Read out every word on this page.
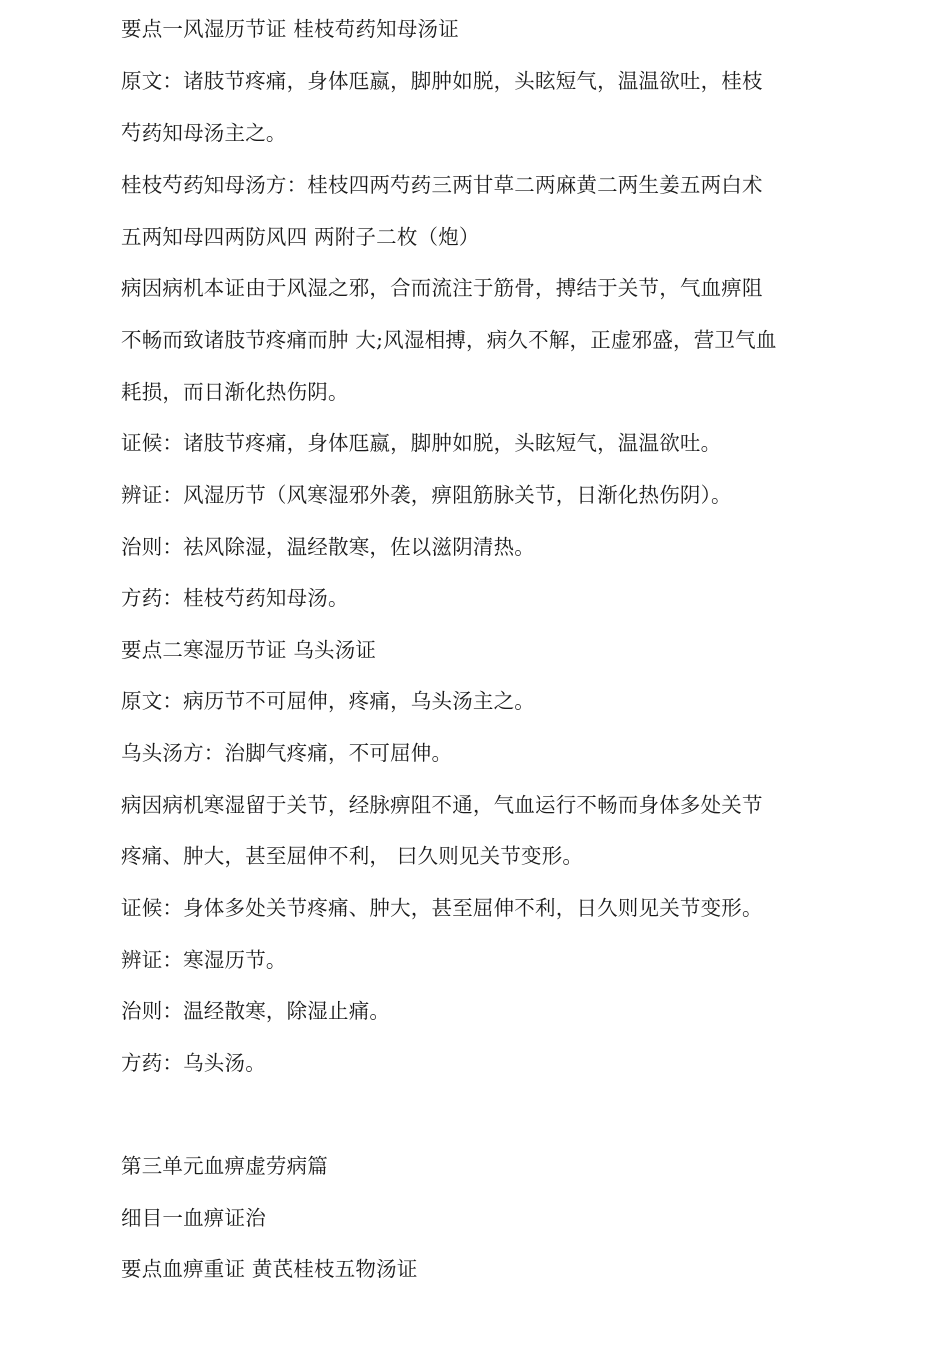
要点一风湿历节证 桂枝苟药知母汤证
原文：诸肢节疼痛，身体尫嬴，脚肿如脱，头眩短气，温温欲吐，桂枝
芍药知母汤主之。
桂枝芍药知母汤方：桂枝四两芍药三两甘草二两麻黄二两生姜五两白术
五两知母四两防风四 两附子二枚（炮）
病因病机本证由于风湿之邪，合而流注于筋骨，搏结于关节，气血痹阻
不畅而致诸肢节疼痛而肿 大;风湿相搏，病久不解，正虚邪盛，营卫气血
耗损，而日渐化热伤阴。
证候：诸肢节疼痛，身体尫嬴，脚肿如脱，头眩短气，温温欲吐。
辨证：风湿历节（风寒湿邪外袭，痹阻筋脉关节，日渐化热伤阴）。
治则：祛风除湿，温经散寒，佐以滋阴清热。
方药：桂枝芍药知母汤。
要点二寒湿历节证 乌头汤证
原文：病历节不可屈伸，疼痛，乌头汤主之。
乌头汤方：治脚气疼痛，不可屈伸。
病因病机寒湿留于关节，经脉痹阻不通，气血运行不畅而身体多处关节
疼痛、肿大，甚至屈伸不利， 曰久则见关节变形。
证候：身体多处关节疼痛、肿大，甚至屈伸不利，日久则见关节变形。
辨证：寒湿历节。
治则：温经散寒，除湿止痛。
方药：乌头汤。
第三单元血痹虚劳病篇
细目一血痹证治
要点血痹重证 黄芪桂枝五物汤证
